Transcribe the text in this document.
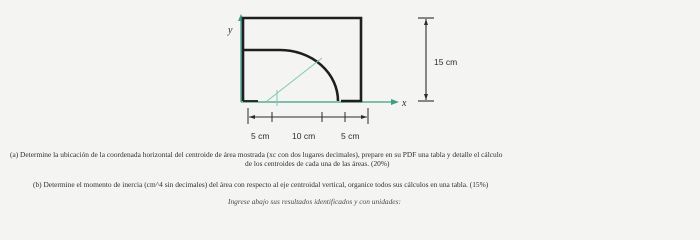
y
x
15 cm
5 cm	10 cm	5 cm
(a) Determine la ubicación de la coordenada horizontal del centroide de área mostrada (xc con dos lugares decimales), prepare en su PDF una tabla y detalle el cálculo
de los centroides de cada una de las áreas. (20%)
(b) Determine el momento de inercia (cm^4 sin decimales) del área con respecto al eje centroidal vertical, organice todos sus cálculos en una tabla. (15%)
Ingrese abajo sus resultados identificados y con unidades:
